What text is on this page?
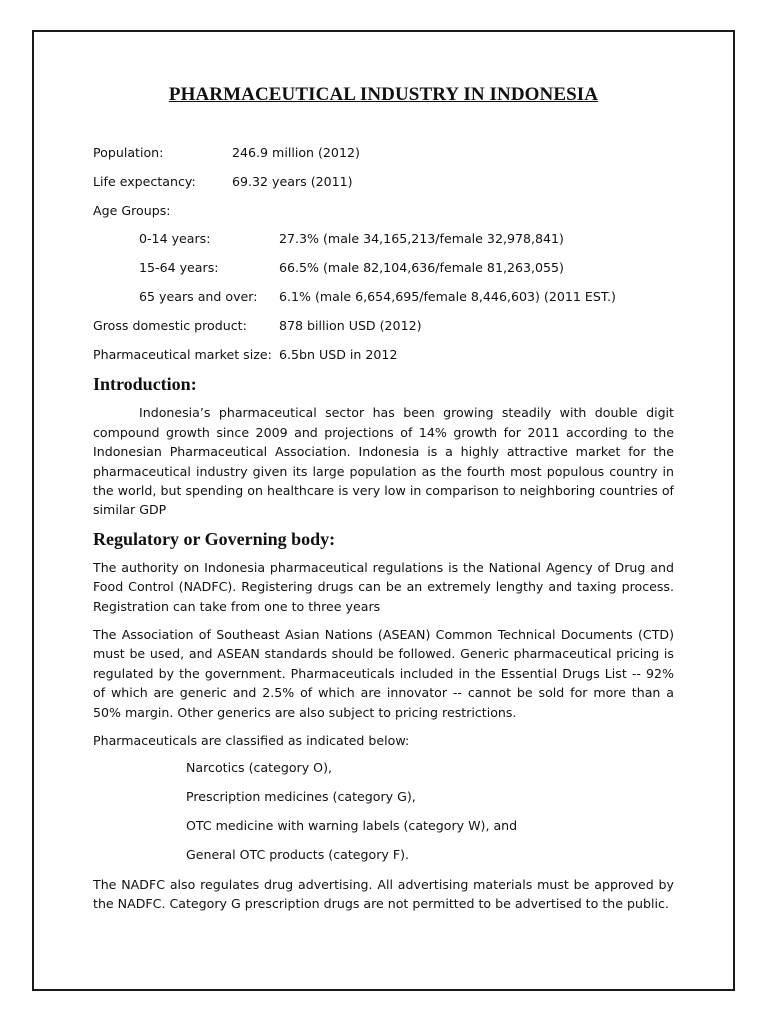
PHARMACEUTICAL INDUSTRY IN INDONESIA
Population:	246.9 million (2012)
Life expectancy:	69.32 years (2011)
Age Groups:
0-14 years:	27.3% (male 34,165,213/female 32,978,841)
15-64 years:	66.5% (male 82,104,636/female 81,263,055)
65 years and over:	6.1% (male 6,654,695/female 8,446,603) (2011 EST.)
Gross domestic product:	878 billion USD (2012)
Pharmaceutical market size: 6.5bn USD in 2012
Introduction:

Indonesia’s pharmaceutical sector has been growing steadily with double digit compound growth since 2009 and projections of 14% growth for 2011 according to the Indonesian Pharmaceutical Association. Indonesia is a highly attractive market for the pharmaceutical industry given its large population as the fourth most populous country in the world, but spending on healthcare is very low in comparison to neighboring countries of similar GDP

Regulatory or Governing body:

The authority on Indonesia pharmaceutical regulations is the National Agency of Drug and Food Control (NADFC). Registering drugs can be an extremely lengthy and taxing process. Registration can take from one to three years

The Association of Southeast Asian Nations (ASEAN) Common Technical Documents (CTD) must be used, and ASEAN standards should be followed. Generic pharmaceutical pricing is regulated by the government. Pharmaceuticals included in the Essential Drugs List -- 92% of which are generic and 2.5% of which are innovator -- cannot be sold for more than a 50% margin. Other generics are also subject to pricing restrictions.

Pharmaceuticals are classified as indicated below:

Narcotics (category O),
Prescription medicines (category G),
OTC medicine with warning labels (category W), and
General OTC products (category F).

The NADFC also regulates drug advertising. All advertising materials must be approved by the NADFC. Category G prescription drugs are not permitted to be advertised to the public.
